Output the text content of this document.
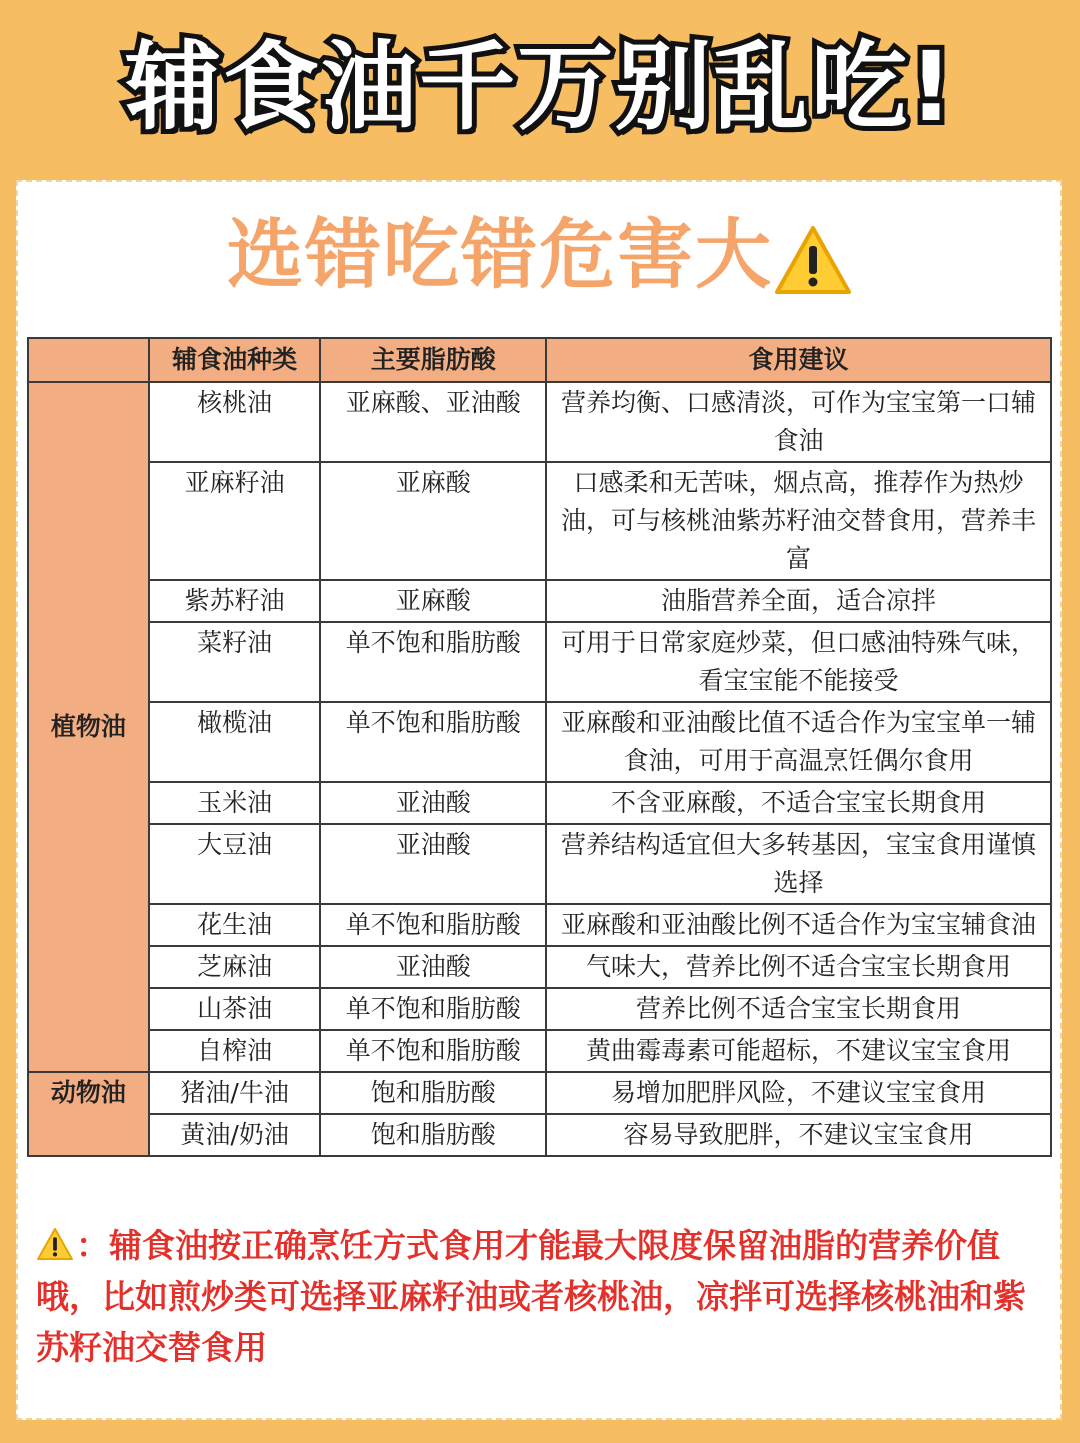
辅食油千万别乱吃!
选错吃错危害大
	辅食油种类	主要脂肪酸	食用建议
植物油	核桃油	亚麻酸、亚油酸	营养均衡、口感清淡，可作为宝宝第一口辅食油
	亚麻籽油	亚麻酸	口感柔和无苦味，烟点高，推荐作为热炒油，可与核桃油紫苏籽油交替食用，营养丰富
	紫苏籽油	亚麻酸	油脂营养全面，适合凉拌
	菜籽油	单不饱和脂肪酸	可用于日常家庭炒菜，但口感油特殊气味，看宝宝能不能接受
	橄榄油	单不饱和脂肪酸	亚麻酸和亚油酸比值不适合作为宝宝单一辅食油，可用于高温烹饪偶尔食用
	玉米油	亚油酸	不含亚麻酸，不适合宝宝长期食用
	大豆油	亚油酸	营养结构适宜但大多转基因，宝宝食用谨慎选择
	花生油	单不饱和脂肪酸	亚麻酸和亚油酸比例不适合作为宝宝辅食油
	芝麻油	亚油酸	气味大，营养比例不适合宝宝长期食用
	山茶油	单不饱和脂肪酸	营养比例不适合宝宝长期食用
	自榨油	单不饱和脂肪酸	黄曲霉毒素可能超标，不建议宝宝食用
动物油	猪油/牛油	饱和脂肪酸	易增加肥胖风险，不建议宝宝食用
	黄油/奶油	饱和脂肪酸	容易导致肥胖，不建议宝宝食用
：辅食油按正确烹饪方式食用才能最大限度保留油脂的营养价值哦，比如煎炒类可选择亚麻籽油或者核桃油，凉拌可选择核桃油和紫苏籽油交替食用
